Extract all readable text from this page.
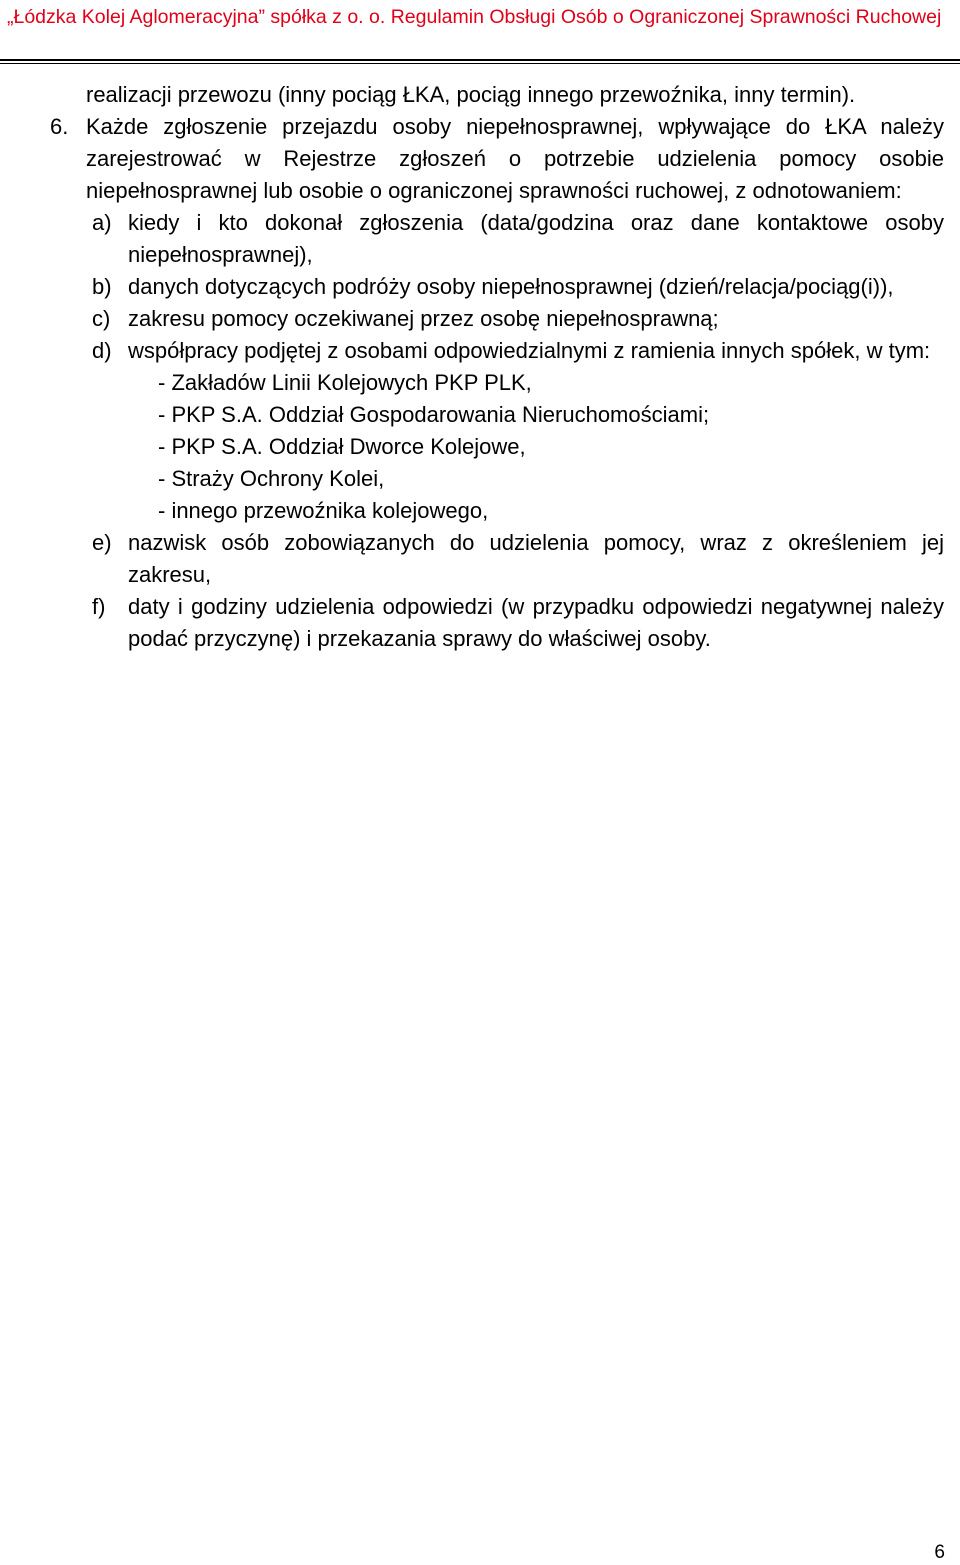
„Łódzka Kolej Aglomeracyjna” spółka z o. o. Regulamin Obsługi Osób o Ograniczonej Sprawności Ruchowej

realizacji przewozu (inny pociąg ŁKA, pociąg innego przewoźnika, inny termin).

6. Każde zgłoszenie przejazdu osoby niepełnosprawnej, wpływające do ŁKA należy zarejestrować w Rejestrze zgłoszeń o potrzebie udzielenia pomocy osobie niepełnosprawnej lub osobie o ograniczonej sprawności ruchowej, z odnotowaniem:

a) kiedy i kto dokonał zgłoszenia (data/godzina oraz dane kontaktowe osoby niepełnosprawnej),

b) danych dotyczących podróży osoby niepełnosprawnej (dzień/relacja/pociąg(i)),

c) zakresu pomocy oczekiwanej przez osobę niepełnosprawną;

d) współpracy podjętej z osobami odpowiedzialnymi z ramienia innych spółek, w tym:

- Zakładów Linii Kolejowych PKP PLK,

- PKP S.A. Oddział Gospodarowania Nieruchomościami;

- PKP S.A. Oddział Dworce Kolejowe,

- Straży Ochrony Kolei,

- innego przewoźnika kolejowego,

e) nazwisk osób zobowiązanych do udzielenia pomocy, wraz z określeniem jej zakresu,

f) daty i godziny udzielenia odpowiedzi (w przypadku odpowiedzi negatywnej należy podać przyczynę) i przekazania sprawy do właściwej osoby.

6
